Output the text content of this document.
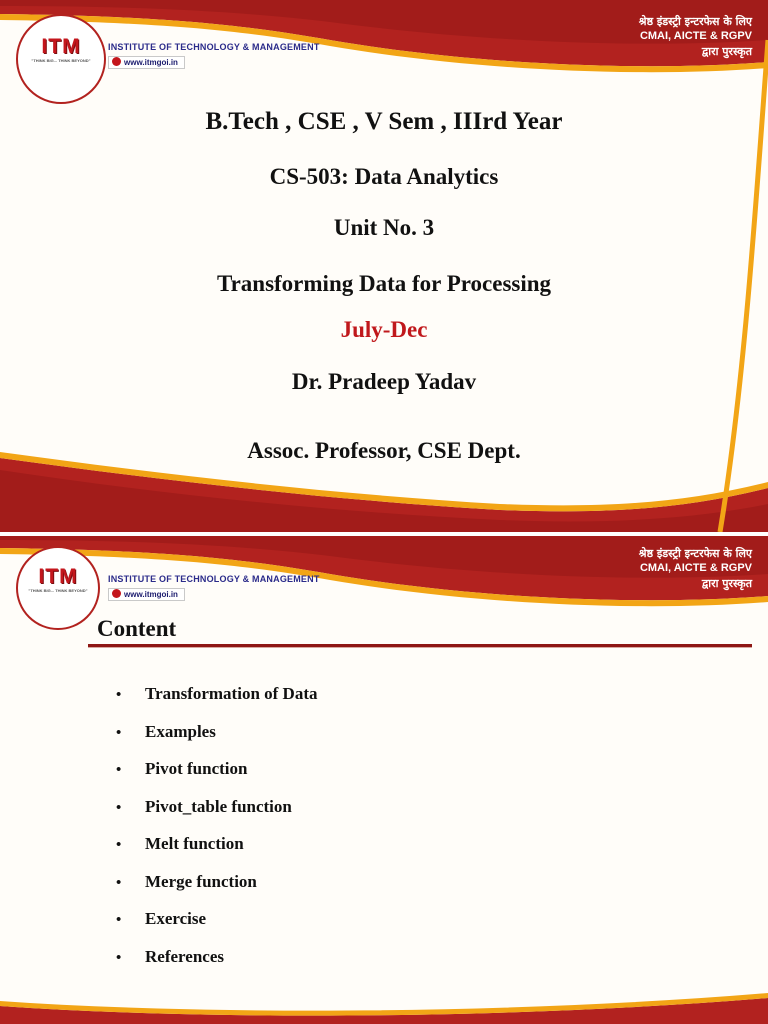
ITM
"THINK BIG... THINK BEYOND"
INSTITUTE OF TECHNOLOGY & MANAGEMENT
www.itmgoi.in
श्रेष्ठ इंडस्ट्री इन्टरफेस के लिए
CMAI, AICTE & RGPV
द्वारा पुरस्कृत
B.Tech , CSE , V Sem , IIIrd Year
CS-503: Data Analytics
Unit No. 3
Transforming Data for Processing
July-Dec
Dr. Pradeep Yadav
Assoc. Professor, CSE Dept.
ITM
"THINK BIG... THINK BEYOND"
INSTITUTE OF TECHNOLOGY & MANAGEMENT
www.itmgoi.in
श्रेष्ठ इंडस्ट्री इन्टरफेस के लिए
CMAI, AICTE & RGPV
द्वारा पुरस्कृत
Content
• Transformation of Data
• Examples
• Pivot function
• Pivot_table function
• Melt function
• Merge function
• Exercise
• References
